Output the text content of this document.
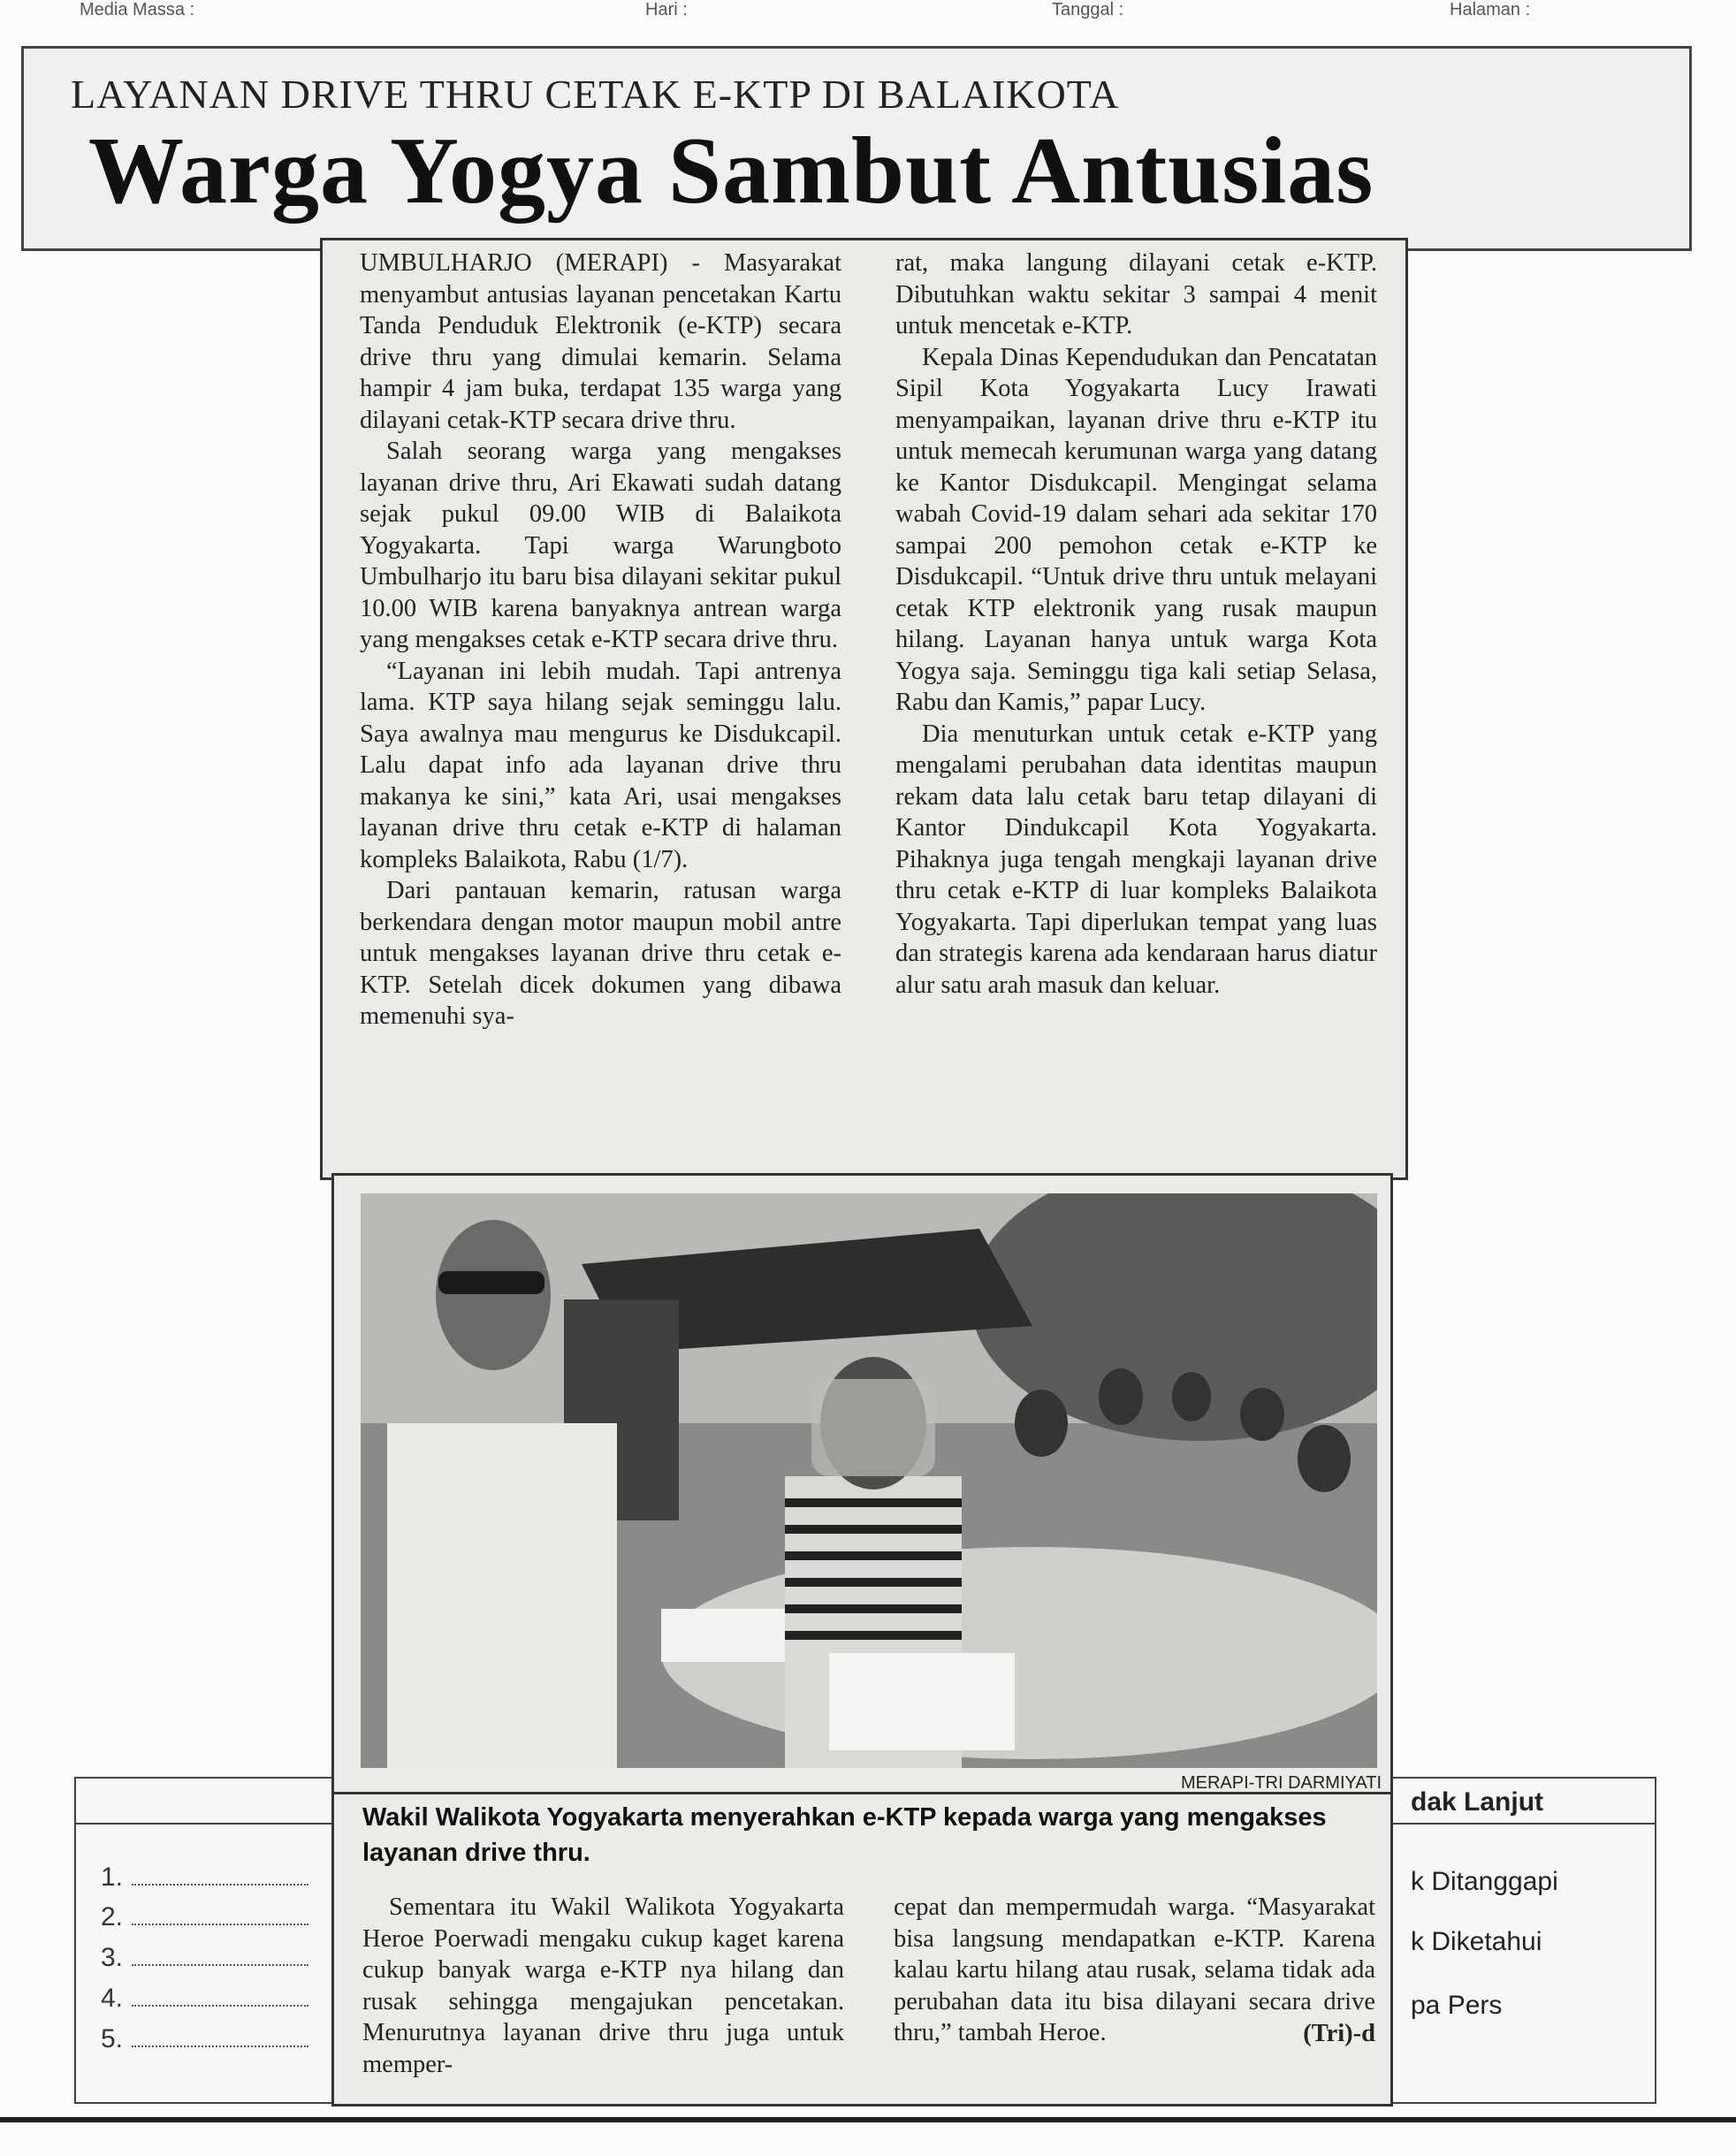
Media Massa :	Hari :	Tanggal :	Halaman :
1.
2.
3.
4.
5.
dak Lanjut
k Ditanggapi
k Diketahui
pa Pers
LAYANAN DRIVE THRU CETAK E-KTP DI BALAIKOTA
Warga Yogya Sambut Antusias

UMBULHARJO (MERAPI) - Masyarakat menyambut antusias layanan pencetakan Kartu Tanda Penduduk Elektronik (e-KTP) secara drive thru yang dimulai kemarin. Selama hampir 4 jam buka, terdapat 135 warga yang dilayani cetak-KTP secara drive thru.

Salah seorang warga yang mengakses layanan drive thru, Ari Ekawati sudah datang sejak pukul 09.00 WIB di Balaikota Yogyakarta. Tapi warga Warungboto Umbulharjo itu baru bisa dilayani sekitar pukul 10.00 WIB karena banyaknya antrean warga yang mengakses cetak e-KTP secara drive thru.

“Layanan ini lebih mudah. Tapi antrenya lama. KTP saya hilang sejak seminggu lalu. Saya awalnya mau mengurus ke Disdukcapil. Lalu dapat info ada layanan drive thru makanya ke sini,” kata Ari, usai mengakses layanan drive thru cetak e-KTP di halaman kompleks Balaikota, Rabu (1/7).

Dari pantauan kemarin, ratusan warga berkendara dengan motor maupun mobil antre untuk mengakses layanan drive thru cetak e-KTP. Setelah dicek dokumen yang dibawa memenuhi sya-

rat, maka langung dilayani cetak e-KTP. Dibutuhkan waktu sekitar 3 sampai 4 menit untuk mencetak e-KTP.

Kepala Dinas Kependudukan dan Pencatatan Sipil Kota Yogyakarta Lucy Irawati menyampaikan, layanan drive thru e-KTP itu untuk memecah kerumunan warga yang datang ke Kantor Disdukcapil. Mengingat selama wabah Covid-19 dalam sehari ada sekitar 170 sampai 200 pemohon cetak e-KTP ke Disdukcapil. “Untuk drive thru untuk melayani cetak KTP elektronik yang rusak maupun hilang. Layanan hanya untuk warga Kota Yogya saja. Seminggu tiga kali setiap Selasa, Rabu dan Kamis,” papar Lucy.

Dia menuturkan untuk cetak e-KTP yang mengalami perubahan data identitas maupun rekam data lalu cetak baru tetap dilayani di Kantor Dindukcapil Kota Yogyakarta. Pihaknya juga tengah mengkaji layanan drive thru cetak e-KTP di luar kompleks Balaikota Yogyakarta. Tapi diperlukan tempat yang luas dan strategis karena ada kendaraan harus diatur alur satu arah masuk dan keluar.

MERAPI-TRI DARMIYATI
Wakil Walikota Yogyakarta menyerahkan e-KTP kepada warga yang mengakses layanan drive thru.

Sementara itu Wakil Walikota Yogyakarta Heroe Poerwadi mengaku cukup kaget karena cukup banyak warga e-KTP nya hilang dan rusak sehingga mengajukan pencetakan. Menurutnya layanan drive thru juga untuk memper-

cepat dan mempermudah warga. “Masyarakat bisa langsung mendapatkan e-KTP. Karena kalau kartu hilang atau rusak, selama tidak ada perubahan data itu bisa dilayani secara drive thru,” tambah Heroe.	(Tri)-d
